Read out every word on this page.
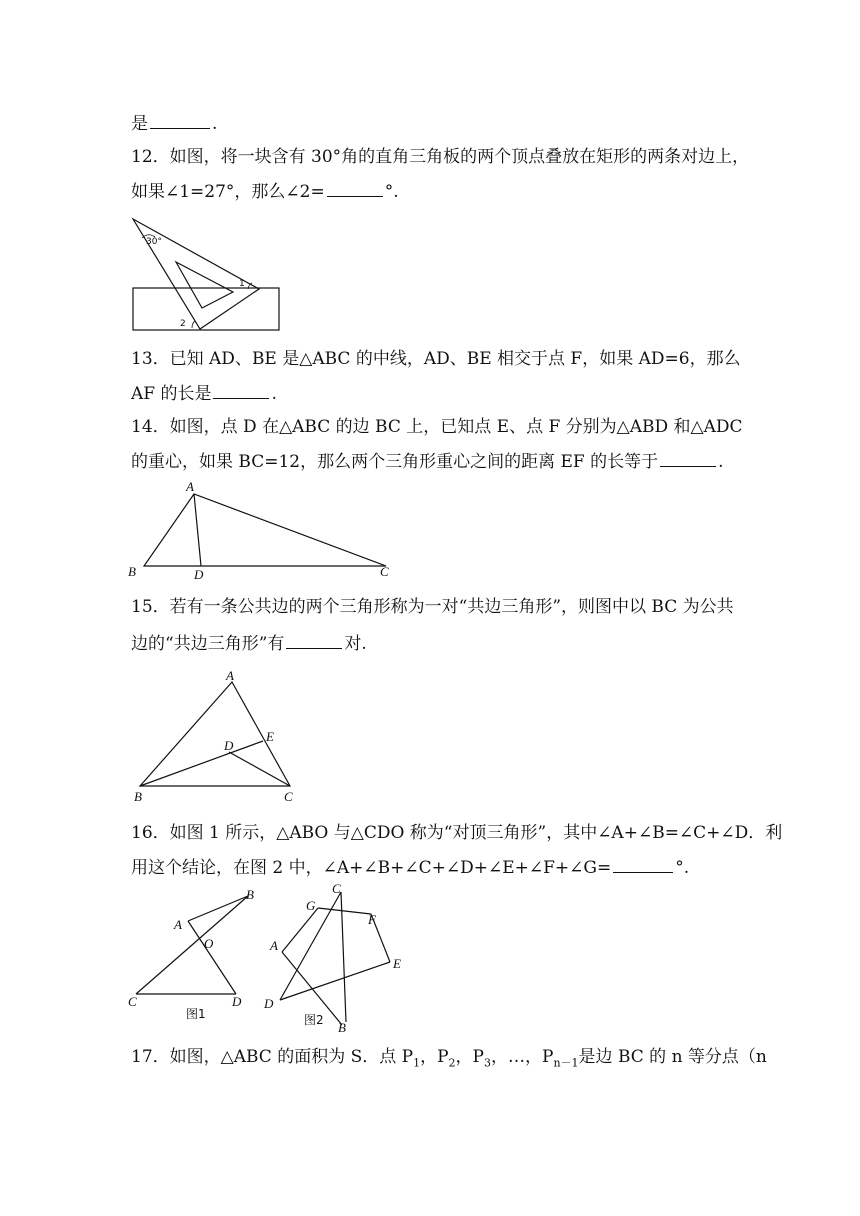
是	.
12．如图，将一块含有 30°角的直角三角板的两个顶点叠放在矩形的两条对边上，
如果∠1=27°，那么∠2=	°.
30°
1
2
13．已知 AD、BE 是△ABC 的中线，AD、BE 相交于点 F，如果 AD=6，那么
AF 的长是	.
14．如图，点 D 在△ABC 的边 BC 上，已知点 E、点 F 分别为△ABD 和△ADC
的重心，如果 BC=12，那么两个三角形重心之间的距离 EF 的长等于	.
A
B	D	C
15．若有一条公共边的两个三角形称为一对“共边三角形”，则图中以 BC 为公共
边的“共边三角形”有	对.
A
D
E
B	C
16．如图 1 所示，△ABO 与△CDO 称为“对顶三角形”，其中∠A+∠B=∠C+∠D．利
用这个结论，在图 2 中，∠A+∠B+∠C+∠D+∠E+∠F+∠G=	°.
B
A
O
C	D
图1
C
G
F
A
E
D
B
图2
17．如图，△ABC 的面积为 S．点 $P_1$，$P_2$，$P_3$，…，$P_{n-1}$是边 BC 的 n 等分点（n
